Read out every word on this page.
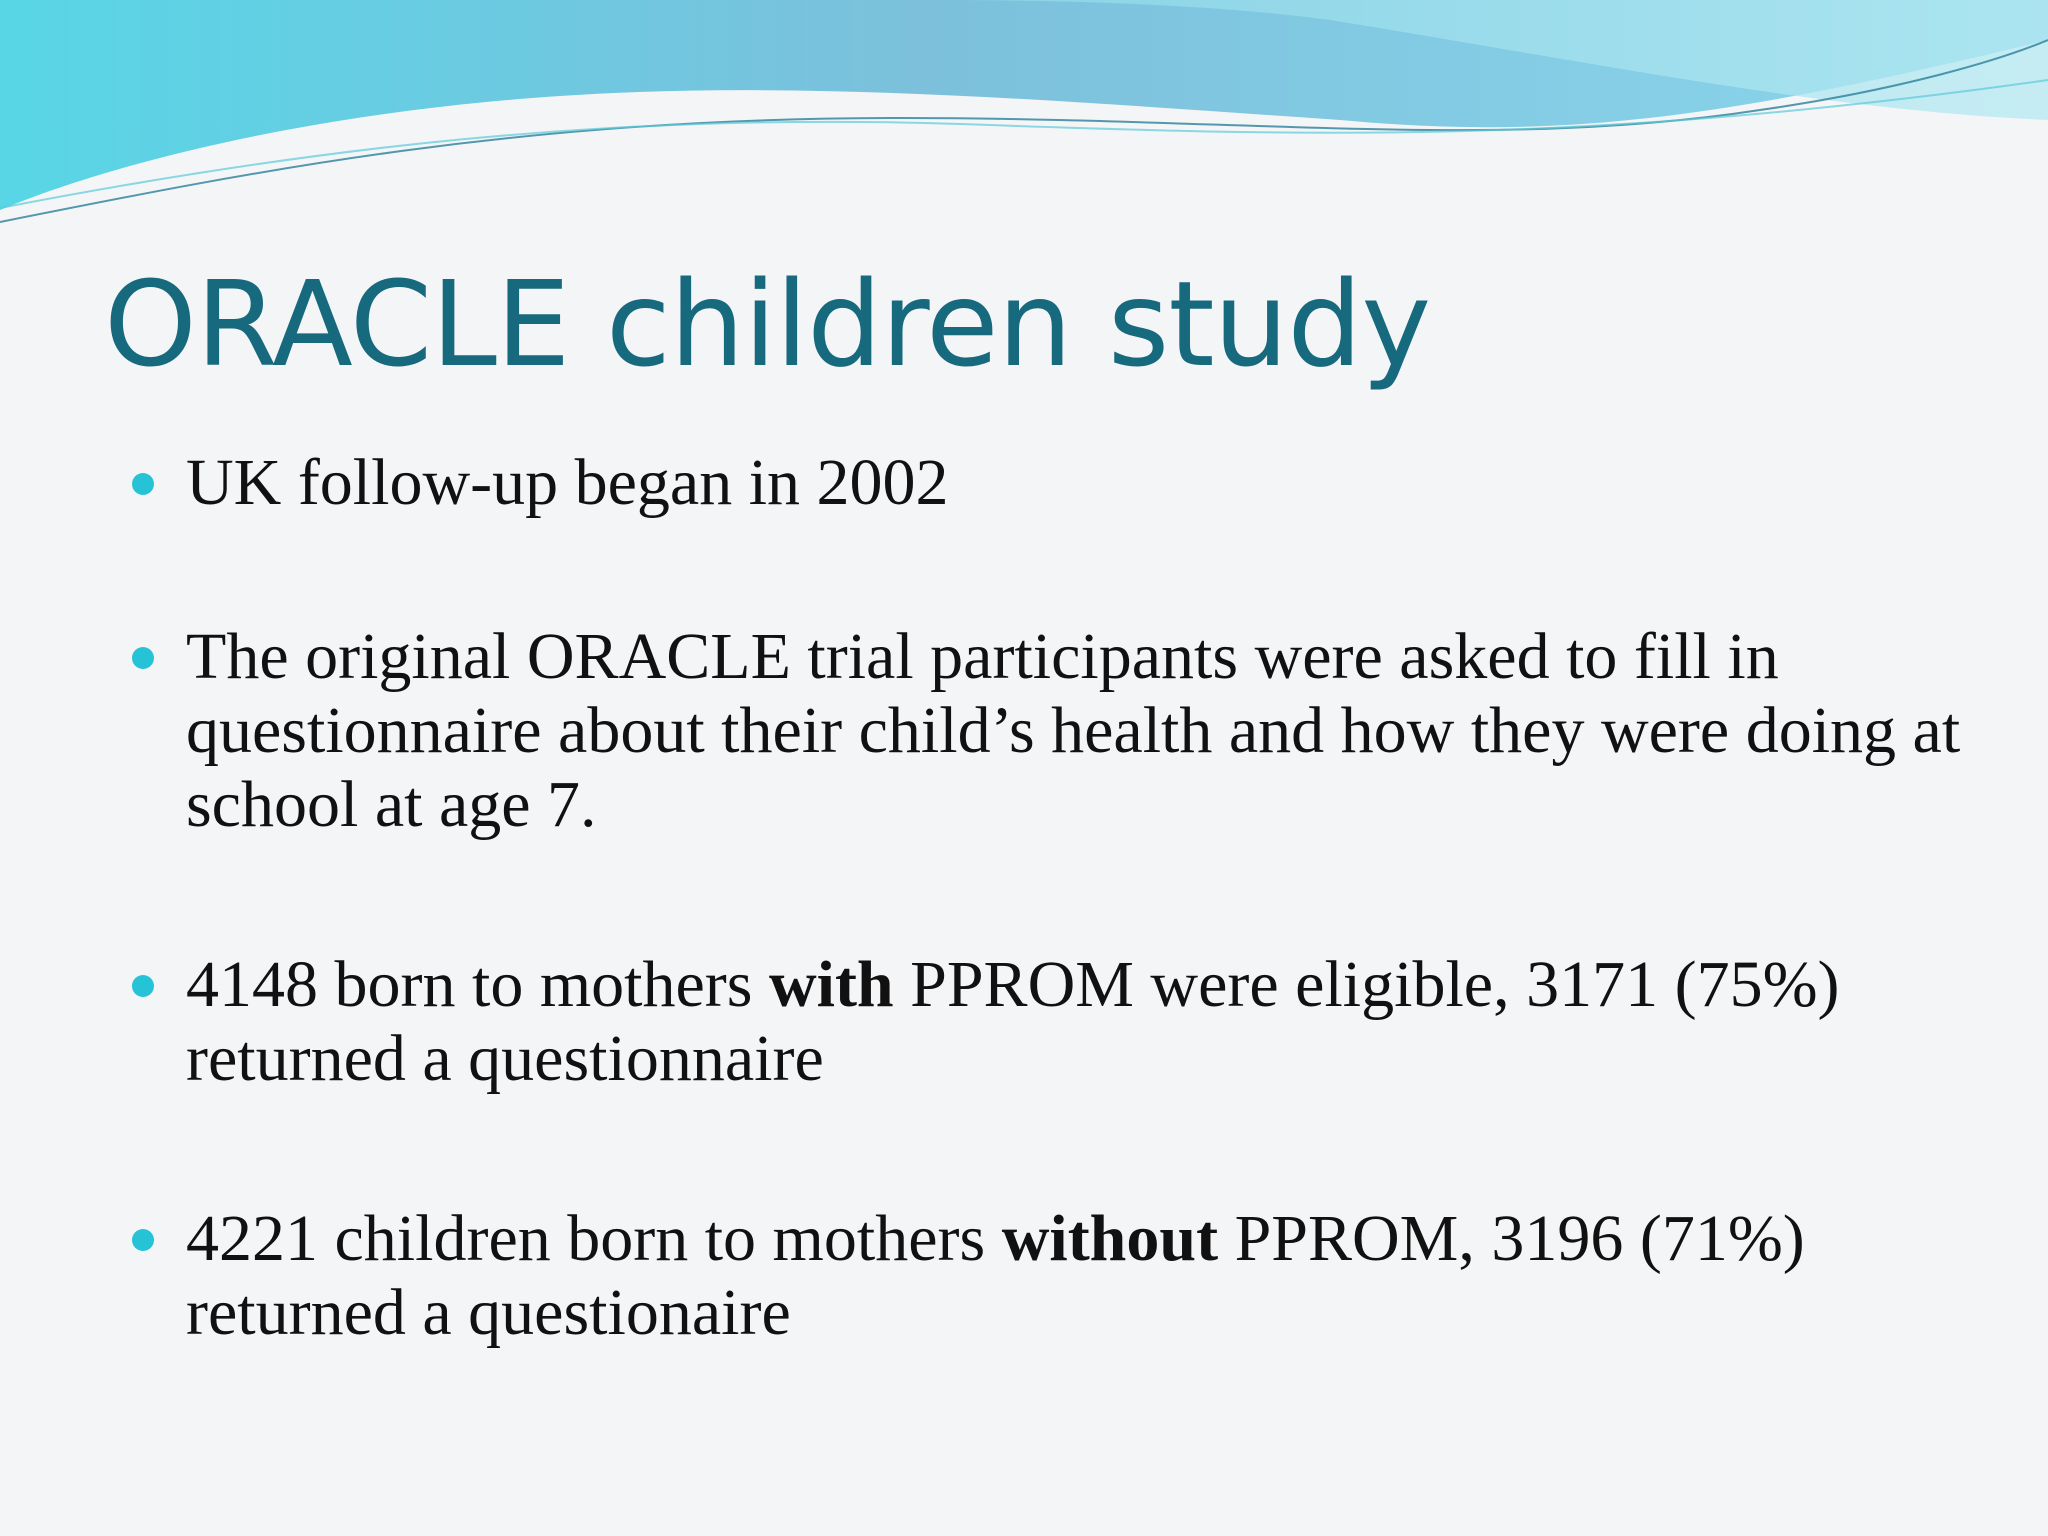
ORACLE children study
UK follow-up began in 2002
The original ORACLE trial participants were asked to fill in questionnaire about their child’s health and how they were doing at school at age 7.
4148 born to mothers with PPROM were eligible, 3171 (75%) returned a questionnaire
4221 children born to mothers without PPROM, 3196 (71%) returned a questionaire
